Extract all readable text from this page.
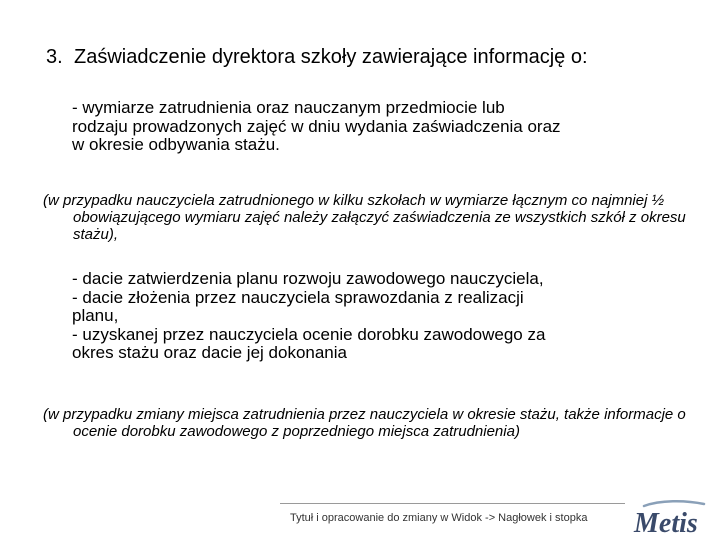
3. Zaświadczenie dyrektora szkoły zawierające informację o:
- wymiarze zatrudnienia oraz nauczanym przedmiocie lub
rodzaju prowadzonych zajęć w dniu wydania zaświadczenia oraz
w okresie odbywania stażu.
(w przypadku nauczyciela zatrudnionego w kilku szkołach w wymiarze łącznym co najmniej ½ obowiązującego wymiaru zajęć należy załączyć zaświadczenia ze wszystkich szkół z okresu stażu),
- dacie zatwierdzenia planu rozwoju zawodowego nauczyciela,
- dacie złożenia przez nauczyciela sprawozdania z realizacji
planu,
- uzyskanej przez nauczyciela ocenie dorobku zawodowego za
okres stażu oraz dacie jej dokonania
(w przypadku zmiany miejsca zatrudnienia przez nauczyciela w okresie stażu, także informacje o ocenie dorobku zawodowego z poprzedniego miejsca zatrudnienia)
Tytuł i opracowanie do zmiany w Widok -> Nagłowek i stopka Metis
